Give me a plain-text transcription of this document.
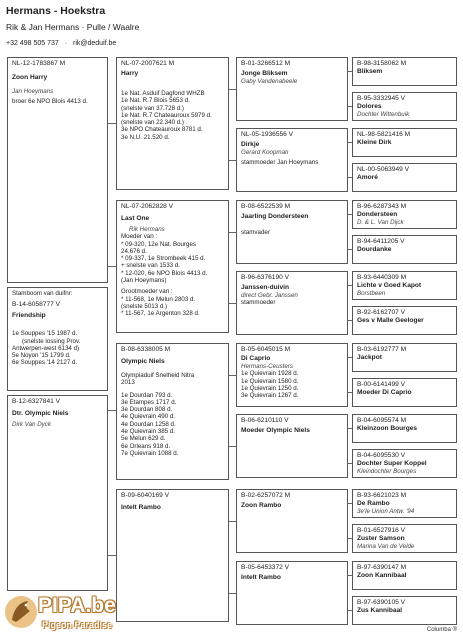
Hermans - Hoekstra
Rik & Jan Hermans · Pulle / Waalre
+32 498 505 737 · rik@deduif.be
NL-12-1783867 M
Zoon Harry
Jan Hoeymans
broer 6e NPO Blois 4413 d.
Stamboom van duifnr:
B-14-6058777 V
Friendship
1e Souppes '15 1987 d.
(snelste lossing Prov.
Antwerpen-west 6134 d)
5e Noyon '15 1799 d.
6e Souppes '14 2127 d.
B-12-6327841 V
Dtr. Olympic Niels
Dirk Van Dyck
NL-07-2007621 M
Harry
1e Nat. Asduif Dagfond WHZB
1e Nat. R.7 Blois 5653 d.
(snelste van 37.728 d.)
1e Nat. R.7 Chateauroux 5979 d.
(snelste van 22.340 d.)
3e NPO Chateauroux 8781 d.
3e N.U. 21.520 d.
NL-07-2062828 V
Last One
Rik Hermans
Moeder van :
* 09-320, 12e Nat. Bourges
24.676 d.
* 09-337, 1e Strombeek 415 d.
+ snelste van 1533 d.
* 12-020, 6e NPO Blois 4413 d.
(Jan Hoeymans)
Grootmoeder van :
* 11-568, 1e Melun 2803 d.
(snelste 5013 d.)
* 11-567, 1e Argenton 328 d.
B-08-6338005 M
Olympic Niels
Olympiaduif Snelheid Nitra
2013
1e Dourdan 793 d.
3e Etampes 1717 d.
3e Dourdan 808 d.
4e Quievrain 490 d.
4e Dourdan 1258 d.
4e Quievrain 385 d.
5e Melun 629 d.
6e Orleans 918 d.
7e Quievrain 1088 d.
B-09-6040169 V
Intelt Rambo
B-01-3266512 M
Jonge Bliksem
Gaby Vandenabeele
NL-05-1936556 V
Dirkje
Gerard Koopman
stammoeder Jan Hoeymans
B-08-6522539 M
Jaarling Dondersteen
stamvader
B-96-6376190 V
Janssen-duivin
direct Gebr. Janssen
stammoeder
B-05-6045015 M
Di Caprio
Hermans-Ceusters
1e Quievrain 1928 d.
1e Quievrain 1580 d.
1e Quievrain 1250 d.
3e Quievrain 1267 d.
B-06-6210110 V
Moeder Olympic Niels
B-02-6257072 M
Zoon Rambo
B-05-6453372 V
Intelt Rambo
B-98-3158062 M
Bliksem
B-95-3332945 V
Dolores
Dochter Wittenbuik
NL-98-5821416 M
Kleine Dirk
NL-00-5063949 V
Amoré
B-96-6287343 M
Dondersteen
D. & L. Van Dijck
B-94-6411205 V
Dourdanke
B-93-6440309 M
Lichte v Goed Kapot
Borstbeen
B-92-6162707 V
Ges v Malle Geeloger
B-03-6192777 M
Jackpot
B-00-6141499 V
Moeder Di Caprio
B-04-6095574 M
Kleinzoon Bourges
B-04-6095530 V
Dochter Super Koppel
Kleindochter Bourges
B-93-6621023 M
De Rambo
3e'le Union Antw. '94
B-01-6527916 V
Zuster Samson
Marina Van de Velde
B-97-6390147 M
Zoon Kannibaal
B-97-6390105 V
Zus Kannibaal
PIPA.be
Pigeon Paradise	Columba ®
